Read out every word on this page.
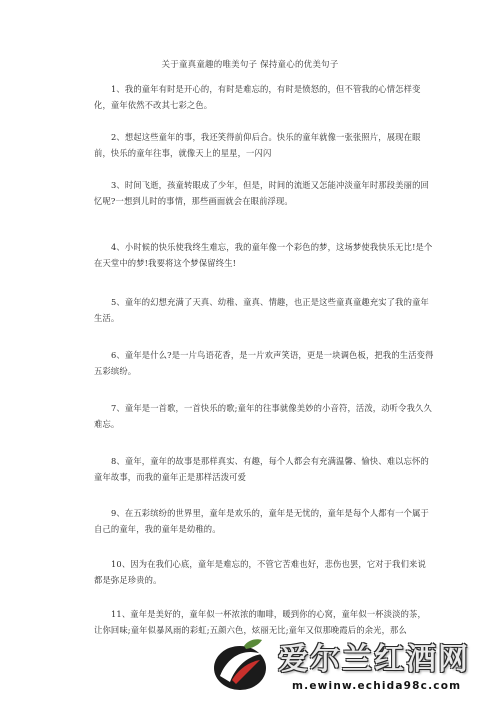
关于童真童趣的唯美句子 保持童心的优美句子

1、我的童年有时是开心的，有时是难忘的，有时是愤怒的，但不管我的心情怎样变化，童年依然不改其七彩之色。

2、想起这些童年的事，我还笑得前仰后合。快乐的童年就像一张张照片，展现在眼前，快乐的童年往事，就像天上的星星，一闪闪

3、时间飞逝，孩童转眼成了少年，但是，时间的流逝又怎能冲淡童年时那段美丽的回忆呢?一想到儿时的事情，那些画面就会在眼前浮现。

4、小时候的快乐使我终生难忘，我的童年像一个彩色的梦，这场梦使我快乐无比!是个在天堂中的梦!我要将这个梦保留终生!

5、童年的幻想充满了天真、幼稚、童真、情趣，也正是这些童真童趣充实了我的童年生活。

6、童年是什么?是一片鸟语花香，是一片欢声笑语，更是一块调色板，把我的生活变得五彩缤纷。

7、童年是一首歌，一首快乐的歌;童年的往事就像美妙的小音符，活泼，动听令我久久难忘。

8、童年，童年的故事是那样真实、有趣，每个人都会有充满温馨、愉快、难以忘怀的童年故事，而我的童年正是那样活泼可爱

9、在五彩缤纷的世界里，童年是欢乐的，童年是无忧的，童年是每个人都有一个属于自己的童年，我的童年是幼稚的。

10、因为在我们心底，童年是难忘的，不管它苦难也好，悲伤也罢，它对于我们来说都是弥足珍贵的。

11、童年是美好的，童年似一杯浓浓的咖啡，暖到你的心窝，童年似一杯淡淡的茶，让你回味;童年似暴风雨的彩虹;五颜六色，炫丽无比;童年又似那晚霞后的余光，那么

爱尔兰红酒网
m.ewinw.echida98c.com
